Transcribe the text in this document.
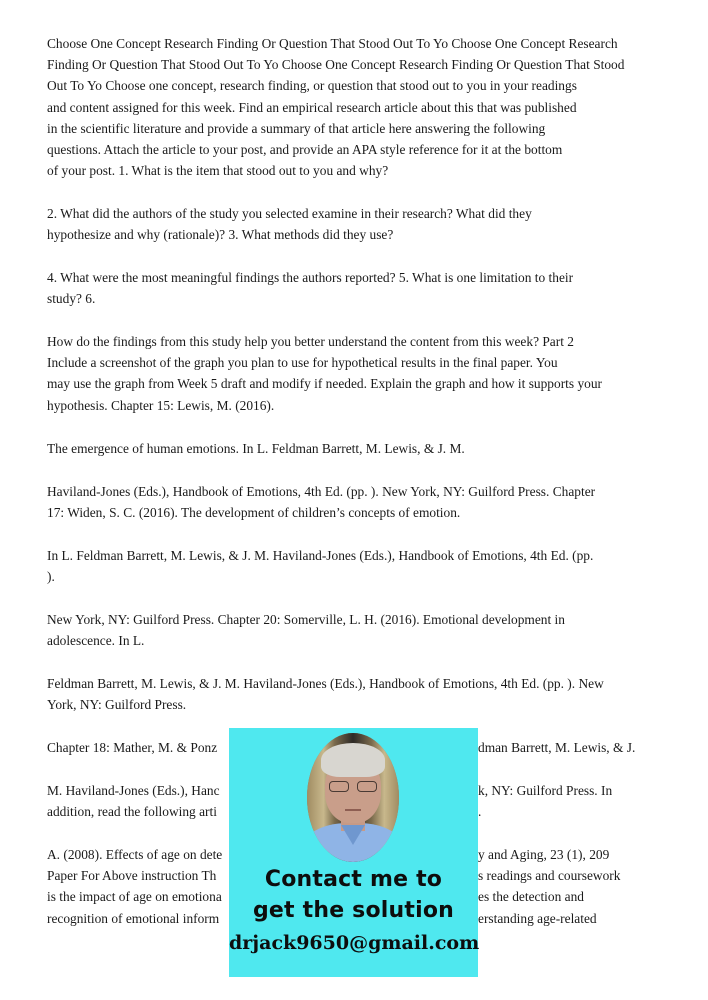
Choose One Concept Research Finding Or Question That Stood Out To Yo Choose One Concept Research
Finding Or Question That Stood Out To Yo Choose One Concept Research Finding Or Question That Stood
Out To Yo Choose one concept, research finding, or question that stood out to you in your readings
and content assigned for this week. Find an empirical research article about this that was published
in the scientific literature and provide a summary of that article here answering the following
questions. Attach the article to your post, and provide an APA style reference for it at the bottom
of your post. 1. What is the item that stood out to you and why?
2. What did the authors of the study you selected examine in their research? What did they
hypothesize and why (rationale)? 3. What methods did they use?
4. What were the most meaningful findings the authors reported? 5. What is one limitation to their
study? 6.
How do the findings from this study help you better understand the content from this week? Part 2
Include a screenshot of the graph you plan to use for hypothetical results in the final paper. You
may use the graph from Week 5 draft and modify if needed. Explain the graph and how it supports your
hypothesis. Chapter 15: Lewis, M. (2016).
The emergence of human emotions. In L. Feldman Barrett, M. Lewis, & J. M.
Haviland-Jones (Eds.), Handbook of Emotions, 4th Ed. (pp. ). New York, NY: Guilford Press. Chapter
17: Widen, S. C. (2016). The development of children’s concepts of emotion.
In L. Feldman Barrett, M. Lewis, & J. M. Haviland-Jones (Eds.), Handbook of Emotions, 4th Ed. (pp.
).
New York, NY: Guilford Press. Chapter 20: Somerville, L. H. (2016). Emotional development in
adolescence. In L.
Feldman Barrett, M. Lewis, & J. M. Haviland-Jones (Eds.), Handbook of Emotions, 4th Ed. (pp. ). New
York, NY: Guilford Press.
Chapter 18: Mather, M. & Ponz	dman Barrett, M. Lewis, & J.
M. Haviland-Jones (Eds.), Hanc	k, NY: Guilford Press. In
addition, read the following arti	.
A. (2008). Effects of age on dete	y and Aging, 23 (1), 209
Paper For Above instruction Th	s readings and coursework
is the impact of age on emotiona	es the detection and
recognition of emotional inform	erstanding age-related
Contact me to
get the solution
drjack9650@gmail.com
